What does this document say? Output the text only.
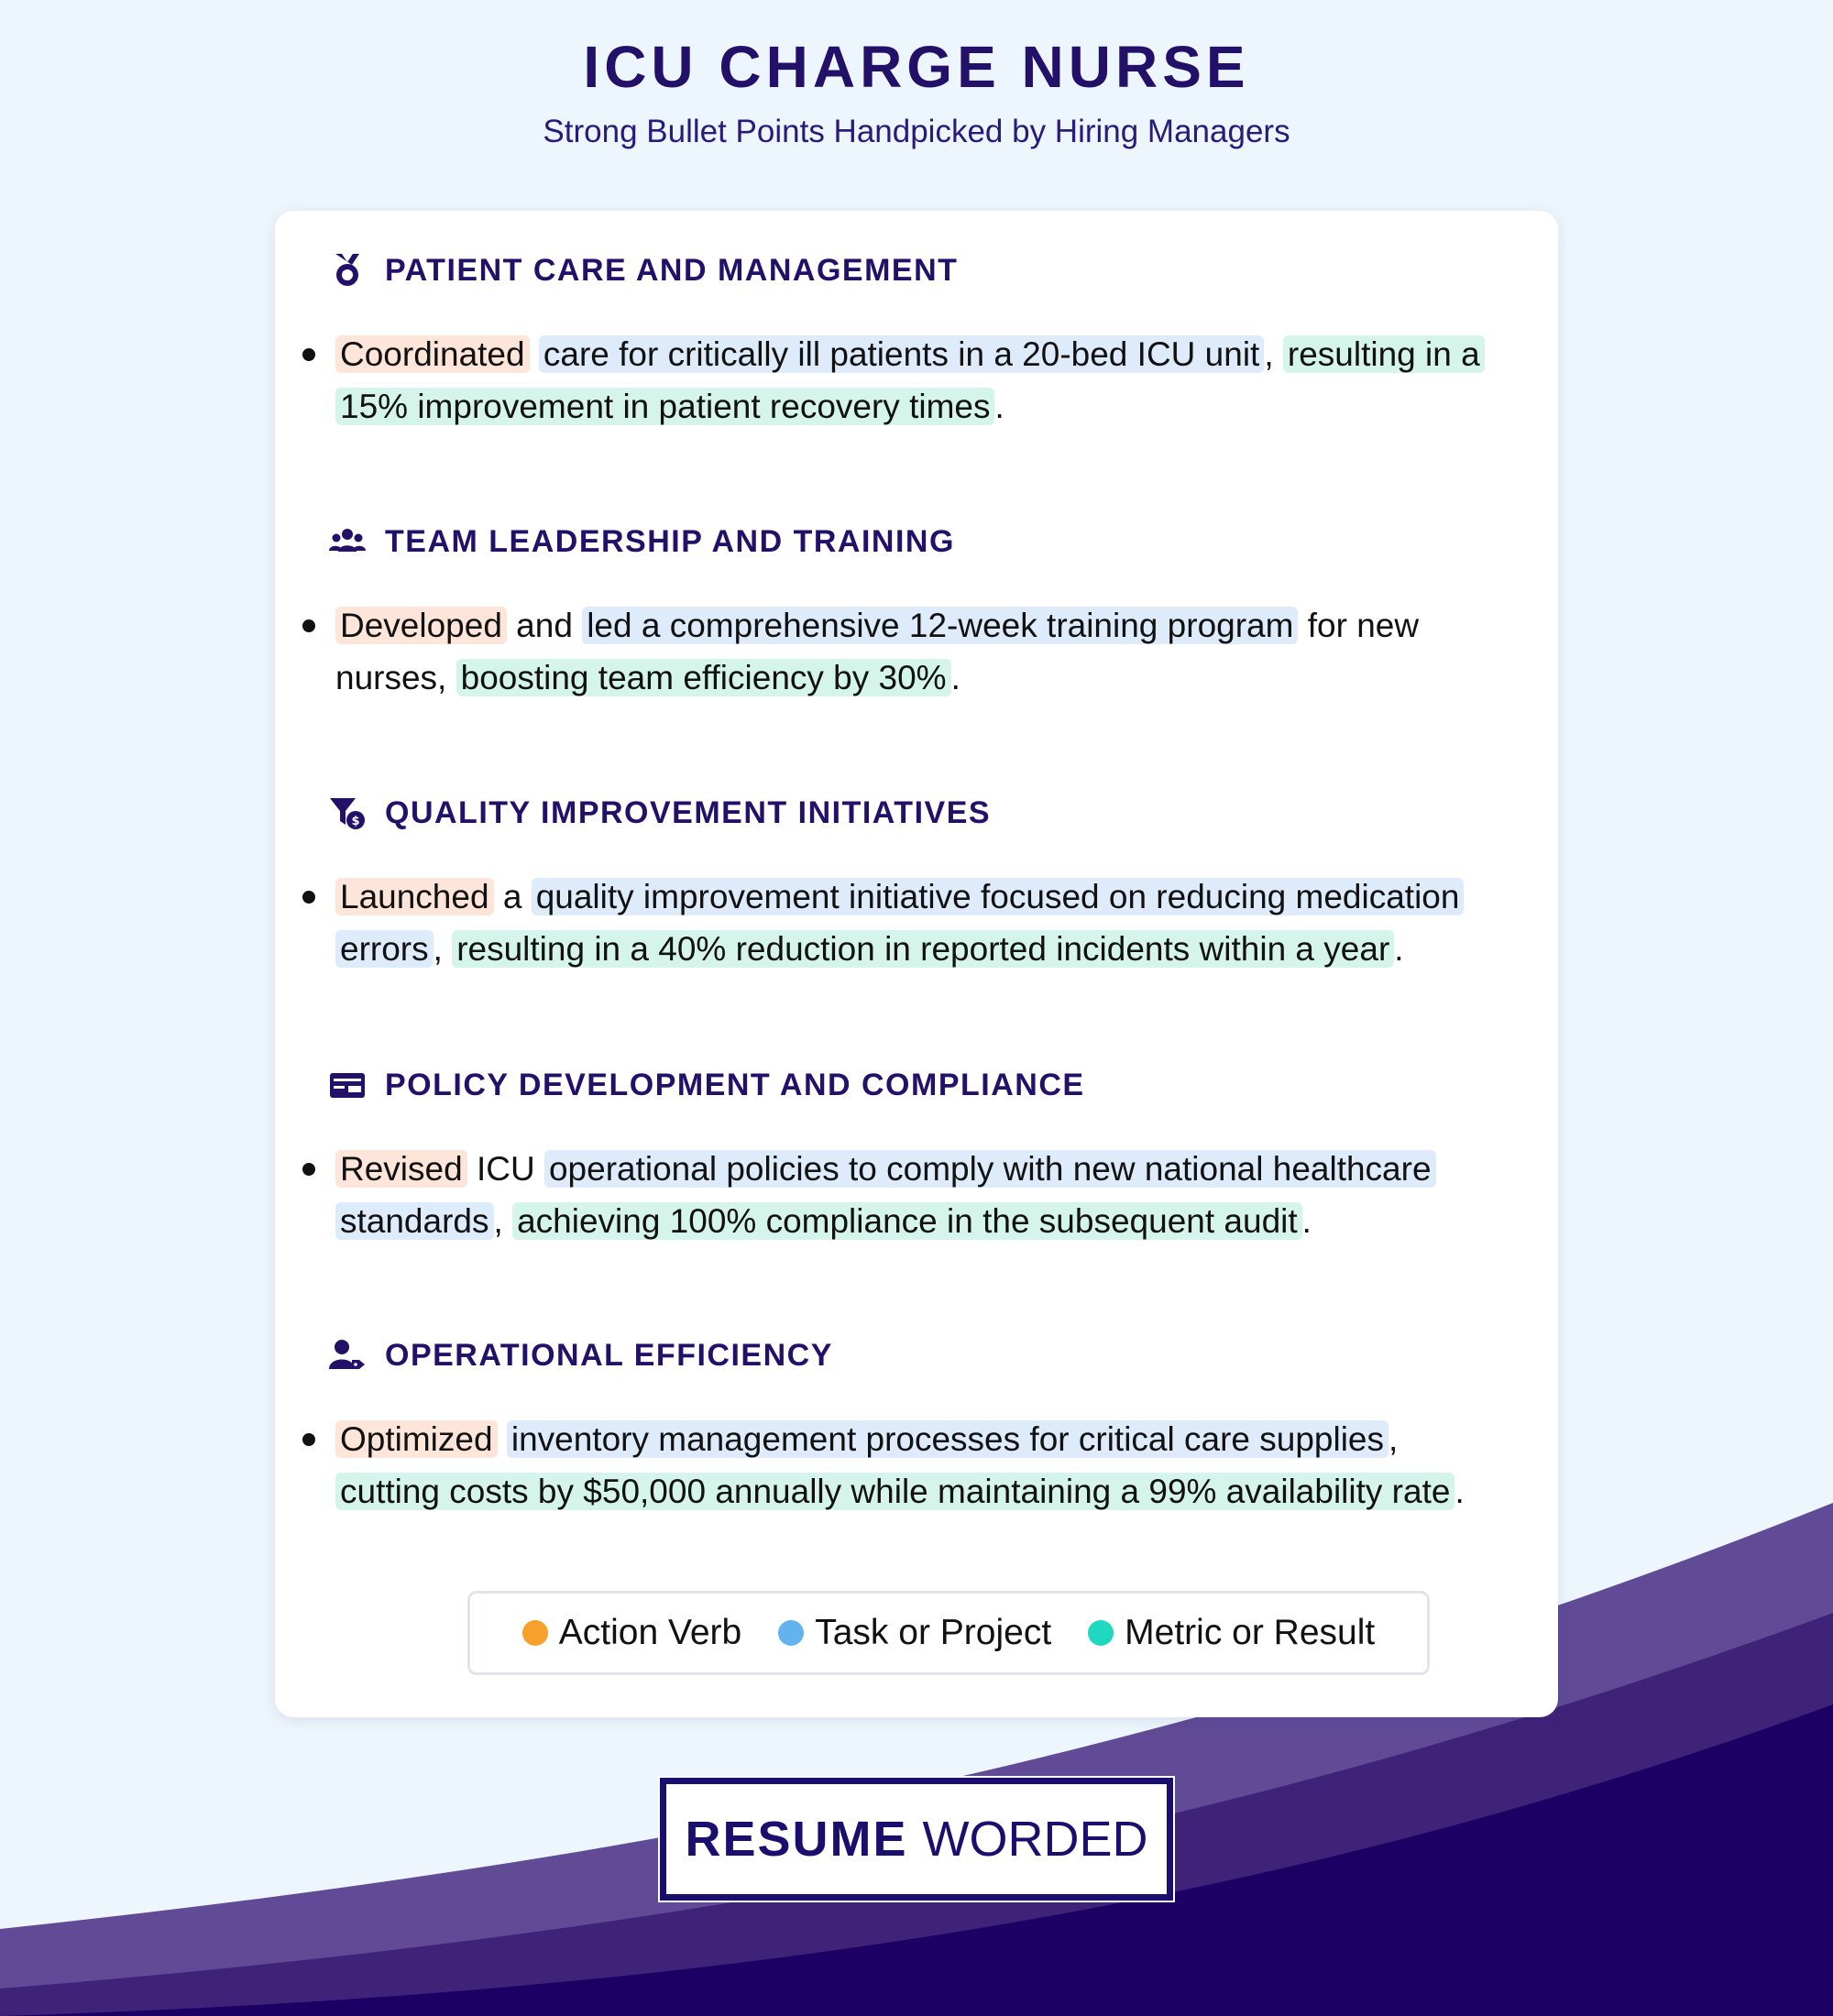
ICU CHARGE NURSE
Strong Bullet Points Handpicked by Hiring Managers
PATIENT CARE AND MANAGEMENT
Coordinated care for critically ill patients in a 20-bed ICU unit , resulting in a
15% improvement in patient recovery times .
TEAM LEADERSHIP AND TRAINING
Developed and led a comprehensive 12-week training program for new
nurses, boosting team efficiency by 30% .
$ QUALITY IMPROVEMENT INITIATIVES
Launched a quality improvement initiative focused on reducing medication
errors , resulting in a 40% reduction in reported incidents within a year .
POLICY DEVELOPMENT AND COMPLIANCE
Revised ICU operational policies to comply with new national healthcare
standards , achieving 100% compliance in the subsequent audit .
OPERATIONAL EFFICIENCY
Optimized inventory management processes for critical care supplies ,
cutting costs by $50,000 annually while maintaining a 99% availability rate .
Action Verb Task or Project Metric or Result
RESUME WORDED
